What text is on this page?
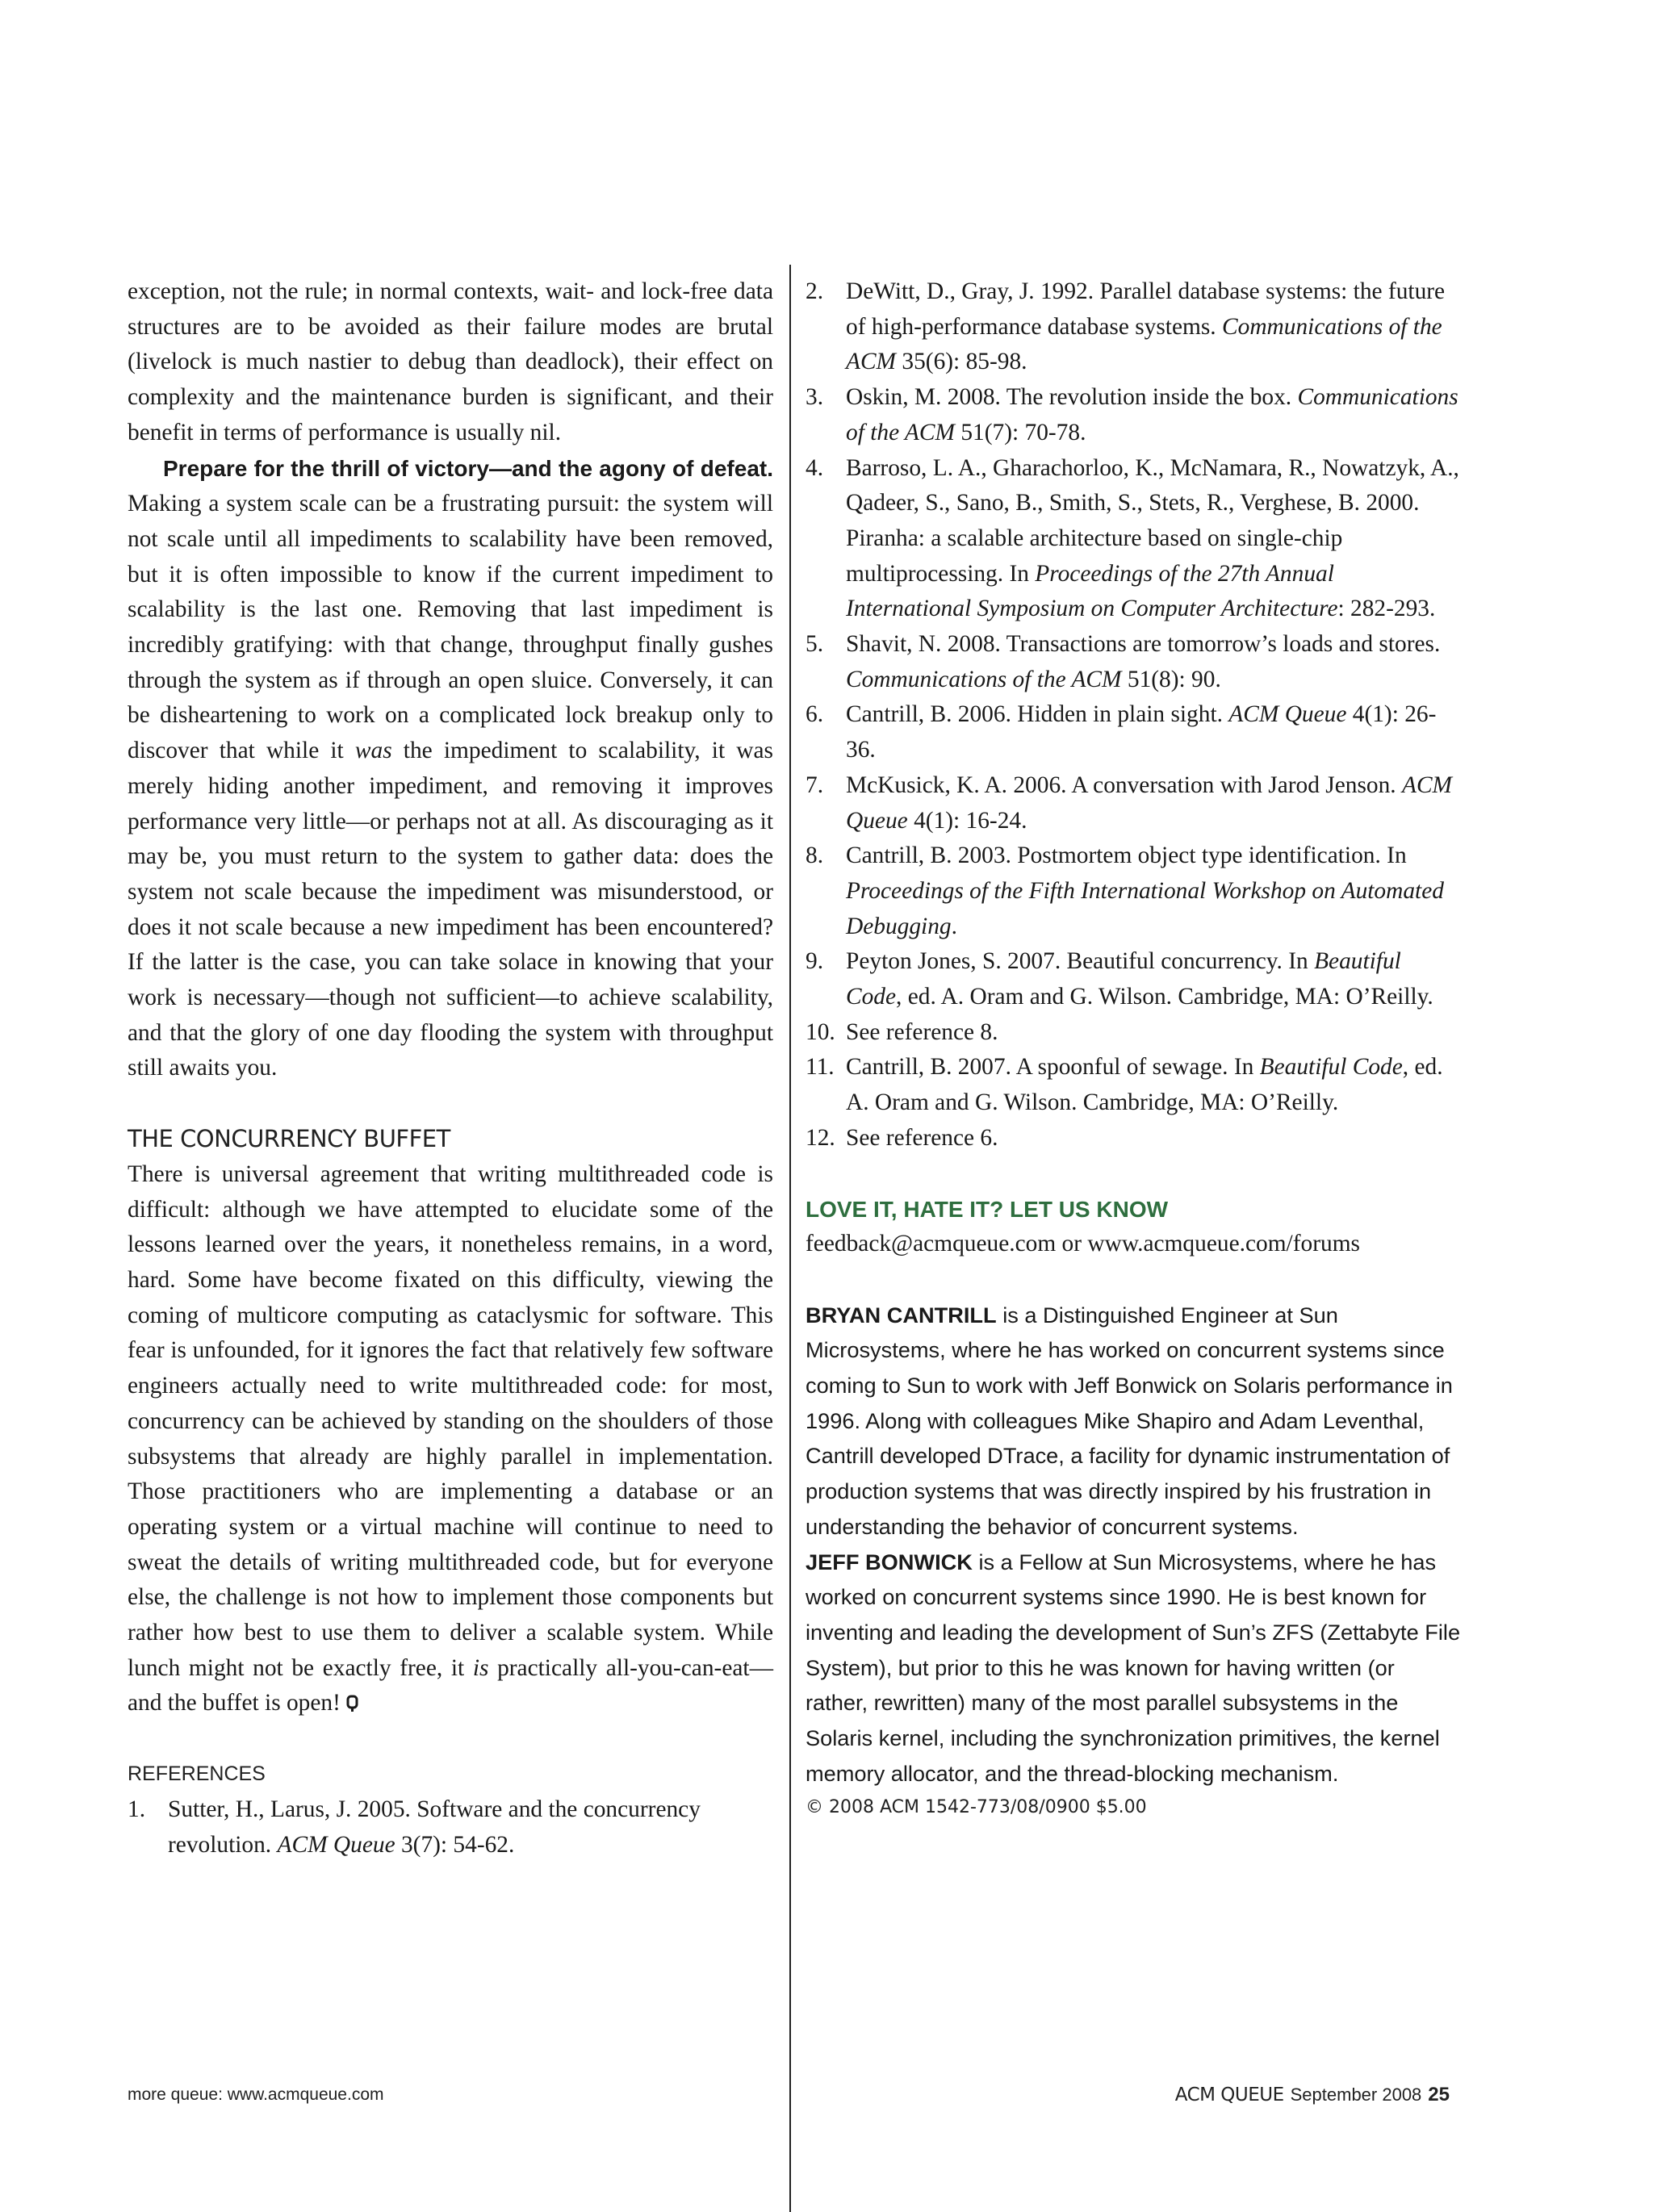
exception, not the rule; in normal contexts, wait- and lock-free data structures are to be avoided as their failure modes are brutal (livelock is much nastier to debug than deadlock), their effect on complexity and the maintenance burden is significant, and their benefit in terms of performance is usually nil.

Prepare for the thrill of victory—and the agony of defeat. Making a system scale can be a frustrating pursuit: the system will not scale until all impediments to scalability have been removed, but it is often impossible to know if the current impediment to scalability is the last one. Removing that last impediment is incredibly gratifying: with that change, throughput finally gushes through the system as if through an open sluice. Conversely, it can be disheartening to work on a complicated lock breakup only to discover that while it was the impediment to scalability, it was merely hiding another impediment, and removing it improves performance very little—or perhaps not at all. As discouraging as it may be, you must return to the system to gather data: does the system not scale because the impediment was misunderstood, or does it not scale because a new impediment has been encountered? If the latter is the case, you can take solace in knowing that your work is necessary—though not sufficient—to achieve scalability, and that the glory of one day flooding the system with throughput still awaits you.

THE CONCURRENCY BUFFET

There is universal agreement that writing multithreaded code is difficult: although we have attempted to elucidate some of the lessons learned over the years, it nonetheless remains, in a word, hard. Some have become fixated on this difficulty, viewing the coming of multicore computing as cataclysmic for software. This fear is unfounded, for it ignores the fact that relatively few software engineers actually need to write multithreaded code: for most, concurrency can be achieved by standing on the shoulders of those subsystems that already are highly parallel in implementation. Those practitioners who are implementing a database or an operating system or a virtual machine will continue to need to sweat the details of writing multithreaded code, but for everyone else, the challenge is not how to implement those components but rather how best to use them to deliver a scalable system. While lunch might not be exactly free, it is practically all-you-can-eat—and the buffet is open!

REFERENCES
1. Sutter, H., Larus, J. 2005. Software and the concurrency revolution. ACM Queue 3(7): 54-62.
2. DeWitt, D., Gray, J. 1992. Parallel database systems: the future of high-performance database systems. Communications of the ACM 35(6): 85-98.
3. Oskin, M. 2008. The revolution inside the box. Communications of the ACM 51(7): 70-78.
4. Barroso, L. A., Gharachorloo, K., McNamara, R., Nowatzyk, A., Qadeer, S., Sano, B., Smith, S., Stets, R., Verghese, B. 2000. Piranha: a scalable architecture based on single-chip multiprocessing. In Proceedings of the 27th Annual International Symposium on Computer Architecture: 282-293.
5. Shavit, N. 2008. Transactions are tomorrow’s loads and stores. Communications of the ACM 51(8): 90.
6. Cantrill, B. 2006. Hidden in plain sight. ACM Queue 4(1): 26-36.
7. McKusick, K. A. 2006. A conversation with Jarod Jenson. ACM Queue 4(1): 16-24.
8. Cantrill, B. 2003. Postmortem object type identification. In Proceedings of the Fifth International Workshop on Automated Debugging.
9. Peyton Jones, S. 2007. Beautiful concurrency. In Beautiful Code, ed. A. Oram and G. Wilson. Cambridge, MA: O’Reilly.
10. See reference 8.
11. Cantrill, B. 2007. A spoonful of sewage. In Beautiful Code, ed. A. Oram and G. Wilson. Cambridge, MA: O’Reilly.
12. See reference 6.
LOVE IT, HATE IT? LET US KNOW
feedback@acmqueue.com or www.acmqueue.com/forums

BRYAN CANTRILL is a Distinguished Engineer at Sun Microsystems, where he has worked on concurrent systems since coming to Sun to work with Jeff Bonwick on Solaris performance in 1996. Along with colleagues Mike Shapiro and Adam Leventhal, Cantrill developed DTrace, a facility for dynamic instrumentation of production systems that was directly inspired by his frustration in understanding the behavior of concurrent systems.

JEFF BONWICK is a Fellow at Sun Microsystems, where he has worked on concurrent systems since 1990. He is best known for inventing and leading the development of Sun’s ZFS (Zettabyte File System), but prior to this he was known for having written (or rather, rewritten) many of the most parallel subsystems in the Solaris kernel, including the synchronization primitives, the kernel memory allocator, and the thread-blocking mechanism.

© 2008 ACM 1542-773/08/0900 $5.00
more queue: www.acmqueue.com	ACM QUEUE September 2008 25
